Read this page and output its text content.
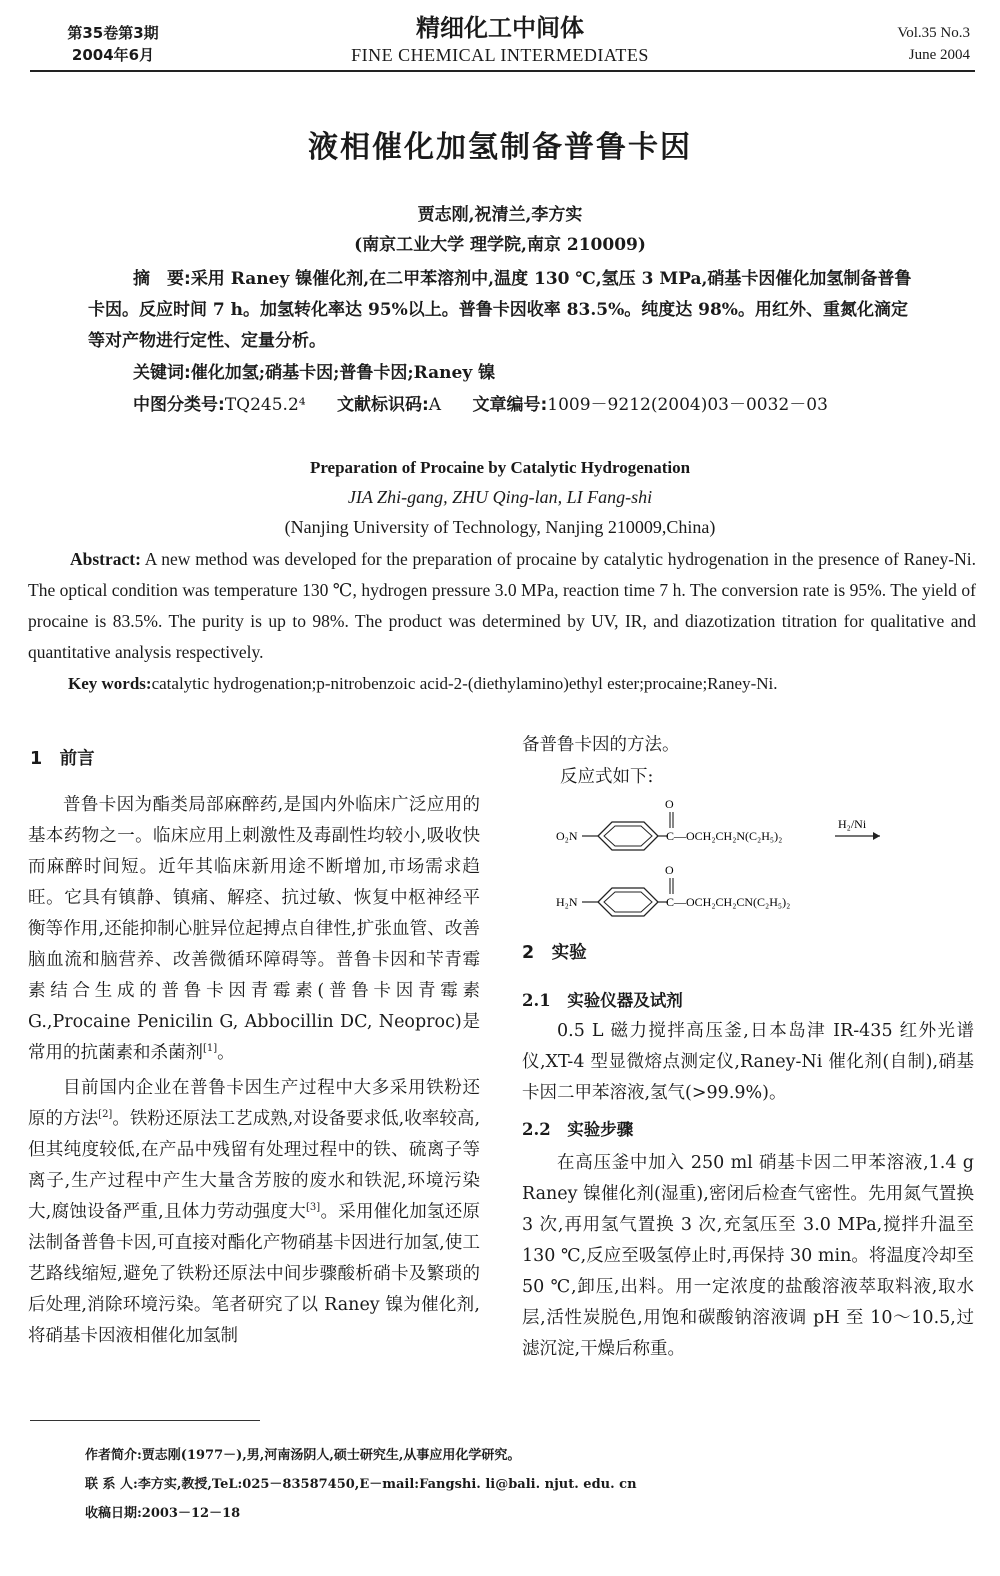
第35卷第3期
2004年6月
精细化工中间体
FINE CHEMICAL INTERMEDIATES
Vol.35 No.3
June 2004
液相催化加氢制备普鲁卡因
贾志刚,祝清兰,李方实
(南京工业大学 理学院,南京 210009)
摘　要:采用 Raney 镍催化剂,在二甲苯溶剂中,温度 130 ℃,氢压 3 MPa,硝基卡因催化加氢制备普鲁卡因。反应时间 7 h。加氢转化率达 95%以上。普鲁卡因收率 83.5%。纯度达 98%。用红外、重氮化滴定等对产物进行定性、定量分析。
关键词:催化加氢;硝基卡因;普鲁卡因;Raney 镍
中图分类号:TQ245.2⁴ 文献标识码:A 文章编号:1009－9212(2004)03－0032－03
Preparation of Procaine by Catalytic Hydrogenation
JIA Zhi-gang, ZHU Qing-lan, LI Fang-shi
(Nanjing University of Technology, Nanjing 210009,China)
Abstract: A new method was developed for the preparation of procaine by catalytic hydrogenation in the presence of Raney-Ni. The optical condition was temperature 130 ℃, hydrogen pressure 3.0 MPa, reaction time 7 h. The conversion rate is 95%. The yield of procaine is 83.5%. The purity is up to 98%. The product was determined by UV, IR, and diazotization titration for qualitative and quantitative analysis respectively.
Key words:catalytic hydrogenation;p-nitrobenzoic acid-2-(diethylamino)ethyl ester;procaine;Raney-Ni.
1　前言

普鲁卡因为酯类局部麻醉药,是国内外临床广泛应用的基本药物之一。临床应用上刺激性及毒副性均较小,吸收快而麻醉时间短。近年其临床新用途不断增加,市场需求趋旺。它具有镇静、镇痛、解痉、抗过敏、恢复中枢神经平衡等作用,还能抑制心脏异位起搏点自律性,扩张血管、改善脑血流和脑营养、改善微循环障碍等。普鲁卡因和苄青霉素结合生成的普鲁卡因青霉素(普鲁卡因青霉素 G.,Procaine Penicilin G, Abbocillin DC, Neoproc)是常用的抗菌素和杀菌剂[1]。

目前国内企业在普鲁卡因生产过程中大多采用铁粉还原的方法[2]。铁粉还原法工艺成熟,对设备要求低,收率较高,但其纯度较低,在产品中残留有处理过程中的铁、硫离子等离子,生产过程中产生大量含芳胺的废水和铁泥,环境污染大,腐蚀设备严重,且体力劳动强度大[3]。采用催化加氢还原法制备普鲁卡因,可直接对酯化产物硝基卡因进行加氢,使工艺路线缩短,避免了铁粉还原法中间步骤酸析硝卡及繁琐的后处理,消除环境污染。笔者研究了以 Raney 镍为催化剂,将硝基卡因液相催化加氢制

备普鲁卡因的方法。
反应式如下:
O₂N
O
C—OCH₂CH₂N(C₂H₅)₂
H₂/Ni
H₂N
O
C—OCH₂CH₂CN(C₂H₅)₂
2　实验
2.1　实验仪器及试剂

0.5 L 磁力搅拌高压釜,日本岛津 IR-435 红外光谱仪,XT-4 型显微熔点测定仪,Raney-Ni 催化剂(自制),硝基卡因二甲苯溶液,氢气(>99.9%)。

2.2　实验步骤

在高压釜中加入 250 ml 硝基卡因二甲苯溶液,1.4 g Raney 镍催化剂(湿重),密闭后检查气密性。先用氮气置换 3 次,再用氢气置换 3 次,充氢压至 3.0 MPa,搅拌升温至 130 ℃,反应至吸氢停止时,再保持 30 min。将温度冷却至 50 ℃,卸压,出料。用一定浓度的盐酸溶液萃取料液,取水层,活性炭脱色,用饱和碳酸钠溶液调 pH 至 10～10.5,过滤沉淀,干燥后称重。

作者简介:贾志刚(1977－),男,河南汤阴人,硕士研究生,从事应用化学研究。
联 系 人:李方实,教授,TeL:025－83587450,E－mail:Fangshi. li@bali. njut. edu. cn
收稿日期:2003－12－18
